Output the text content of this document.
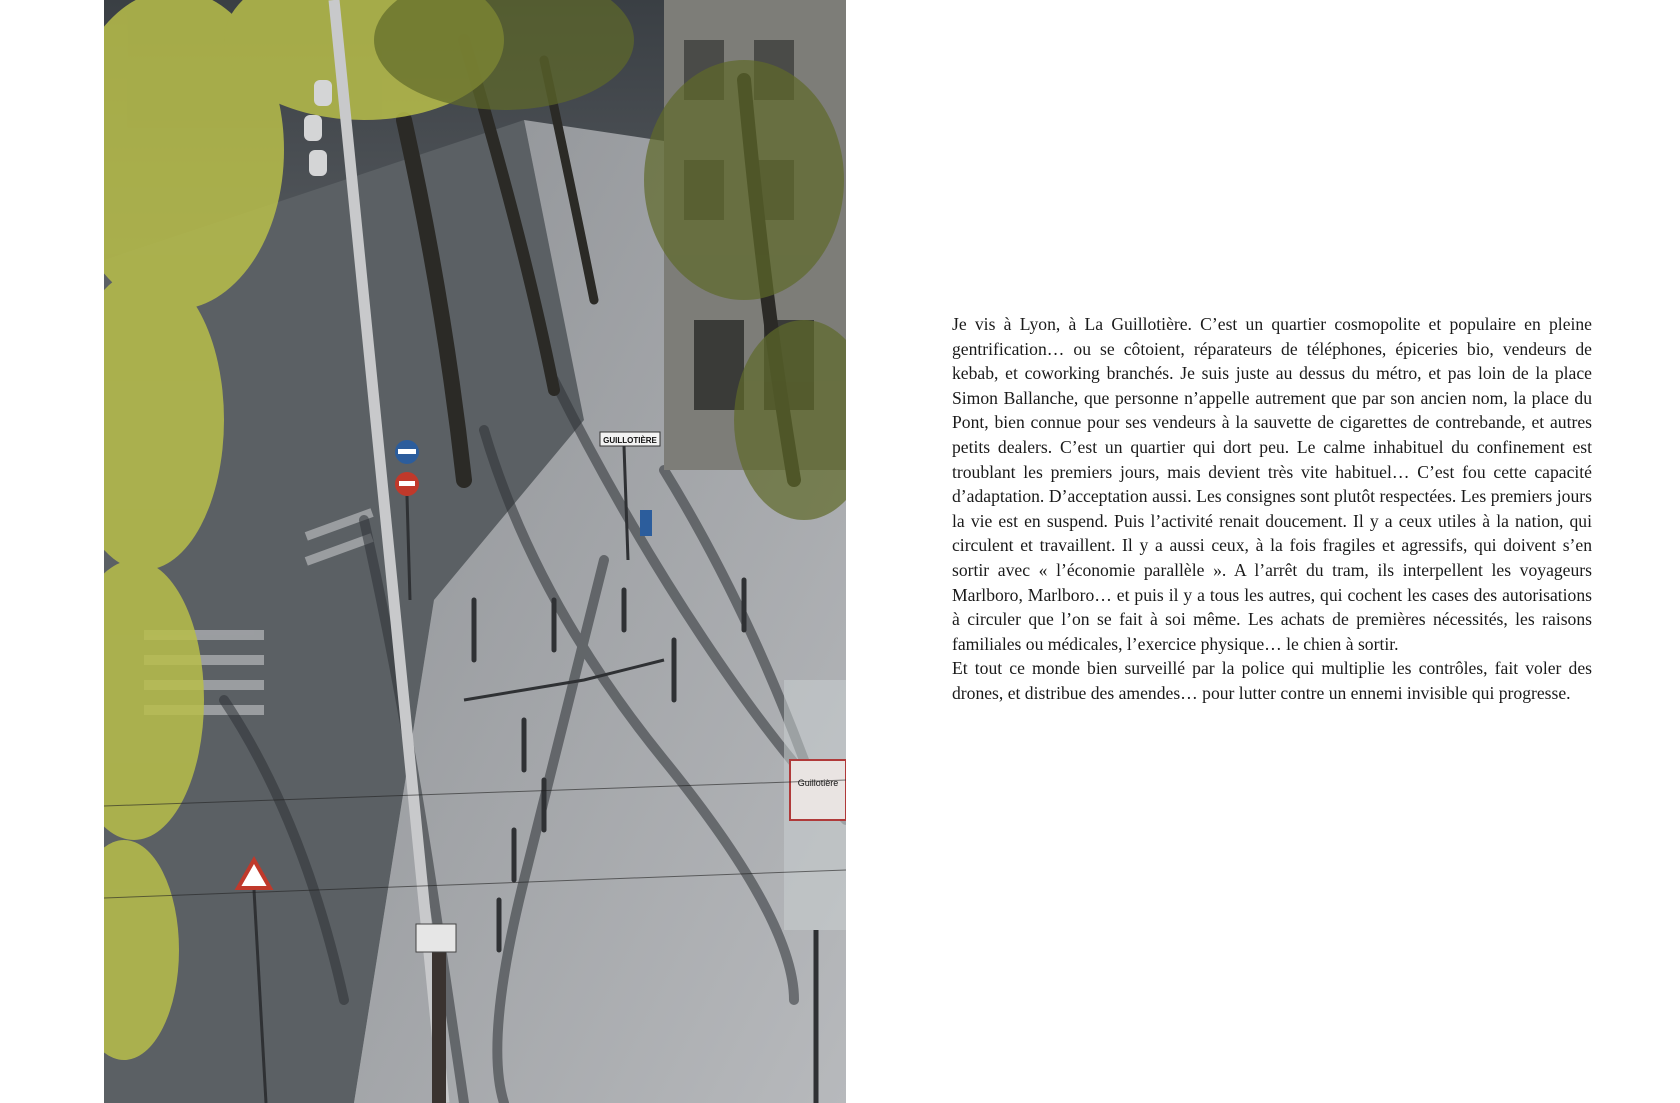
GUILLOTIÈRE
Guillotière

Je vis à Lyon, à La Guillotière. C’est un quartier cosmopolite et populaire en pleine gentrification… ou se côtoient, réparateurs de téléphones, épiceries bio, vendeurs de kebab, et coworking branchés. Je suis juste au dessus du métro, et pas loin de la place Simon Ballanche, que personne n’appelle autrement que par son ancien nom, la place du Pont, bien connue pour ses vendeurs à la sauvette de cigarettes de contrebande, et autres petits dealers. C’est un quartier qui dort peu. Le calme inhabituel du confinement est troublant les premiers jours, mais devient très vite habituel… C’est fou cette capacité d’adaptation. D’acceptation aussi. Les consignes sont plutôt respectées. Les premiers jours la vie est en suspend. Puis l’activité renait doucement. Il y a ceux utiles à la nation, qui circulent et travaillent. Il y a aussi ceux, à la fois fragiles et agressifs, qui doivent s’en sortir avec « l’économie parallèle ». A l’arrêt du tram, ils interpellent les voyageurs Marlboro, Marlboro… et puis il y a tous les autres, qui cochent les cases des autorisations à circuler que l’on se fait à soi même. Les achats de premières nécessités, les raisons familiales ou médicales, l’exercice physique… le chien à sortir.

Et tout ce monde bien surveillé par la police qui multiplie les contrôles, fait voler des drones, et distribue des amendes… pour lutter contre un ennemi invisible qui progresse.
